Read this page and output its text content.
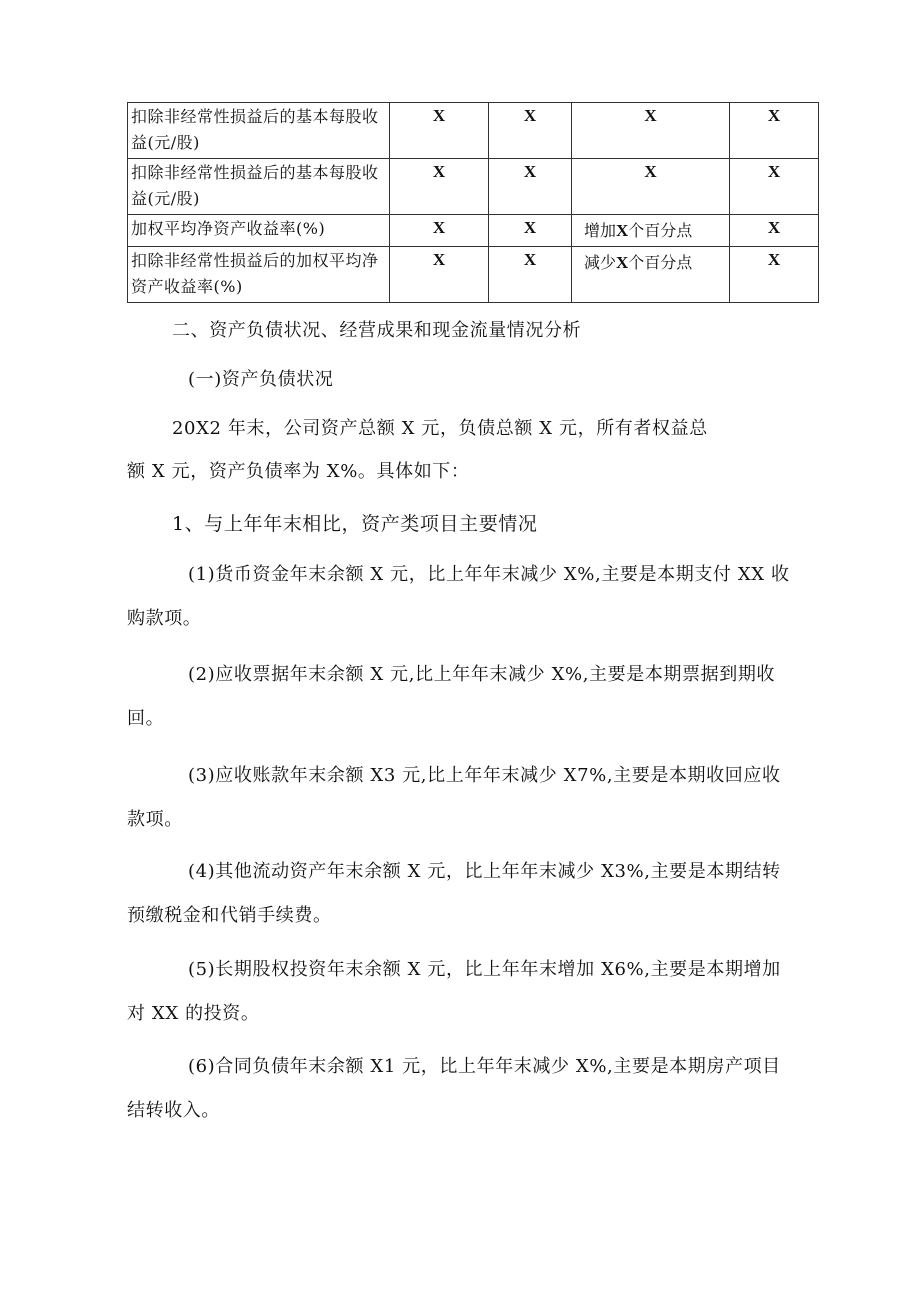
扣除非经常性损益后的基本每股收益(元/股)	X	X	X	X
扣除非经常性损益后的基本每股收益(元/股)	X	X	X	X
加权平均净资产收益率(%)	X	X	增加X个百分点	X
扣除非经常性损益后的加权平均净资产收益率(%)	X	X	减少X个百分点	X
二、资产负债状况、经营成果和现金流量情况分析
(一)资产负债状况
20X2 年末，公司资产总额 X 元，负债总额 X 元，所有者权益总
额 X 元，资产负债率为 X%。具体如下：
1、与上年年末相比，资产类项目主要情况
(1)货币资金年末余额 X 元，比上年年末减少 X%,主要是本期支付 XX 收
购款项。
(2)应收票据年末余额 X 元,比上年年末减少 X%,主要是本期票据到期收
回。
(3)应收账款年末余额 X3 元,比上年年末减少 X7%,主要是本期收回应收
款项。
(4)其他流动资产年末余额 X 元，比上年年末减少 X3%,主要是本期结转
预缴税金和代销手续费。
(5)长期股权投资年末余额 X 元，比上年年末增加 X6%,主要是本期增加
对 XX 的投资。
(6)合同负债年末余额 X1 元，比上年年末减少 X%,主要是本期房产项目
结转收入。
